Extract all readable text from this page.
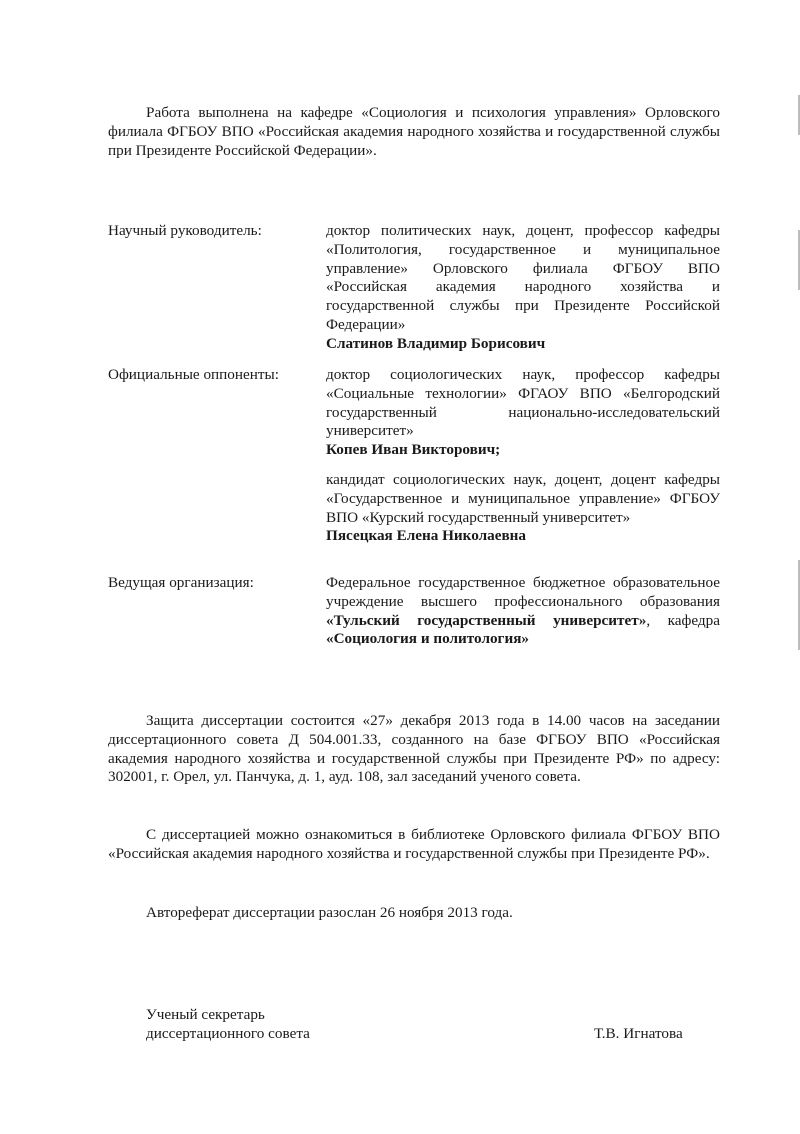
Работа выполнена на кафедре «Социология и психология управления» Орловского филиала ФГБОУ ВПО «Российская академия народного хозяйства и государственной службы при Президенте Российской Федерации».

Научный руководитель:	доктор политических наук, доцент, профессор кафедры «Политология, государственное и муниципальное управление» Орловского филиала ФГБОУ ВПО «Российская академия народного хозяйства и государственной службы при Президенте Российской Федерации»

Слатинов Владимир Борисович

Официальные оппоненты:	доктор социологических наук, профессор кафедры «Социальные технологии» ФГАОУ ВПО «Белгородский государственный национально-исследовательский университет»

Копев Иван Викторович;

кандидат социологических наук, доцент, доцент кафедры «Государственное и муниципальное управление» ФГБОУ ВПО «Курский государственный университет»

Пясецкая Елена Николаевна

Ведущая организация:	Федеральное государственное бюджетное образовательное учреждение высшего профессионального образования «Тульский государственный университет», кафедра «Социология и политология»

Защита диссертации состоится «27» декабря 2013 года в 14.00 часов на заседании диссертационного совета Д 504.001.33, созданного на базе ФГБОУ ВПО «Российская академия народного хозяйства и государственной службы при Президенте РФ» по адресу: 302001, г. Орел, ул. Панчука, д. 1, ауд. 108, зал заседаний ученого совета.

С диссертацией можно ознакомиться в библиотеке Орловского филиала ФГБОУ ВПО «Российская академия народного хозяйства и государственной службы при Президенте РФ».

Автореферат диссертации разослан 26 ноября 2013 года.

Ученый секретарь
диссертационного совета	Т.В. Игнатова
